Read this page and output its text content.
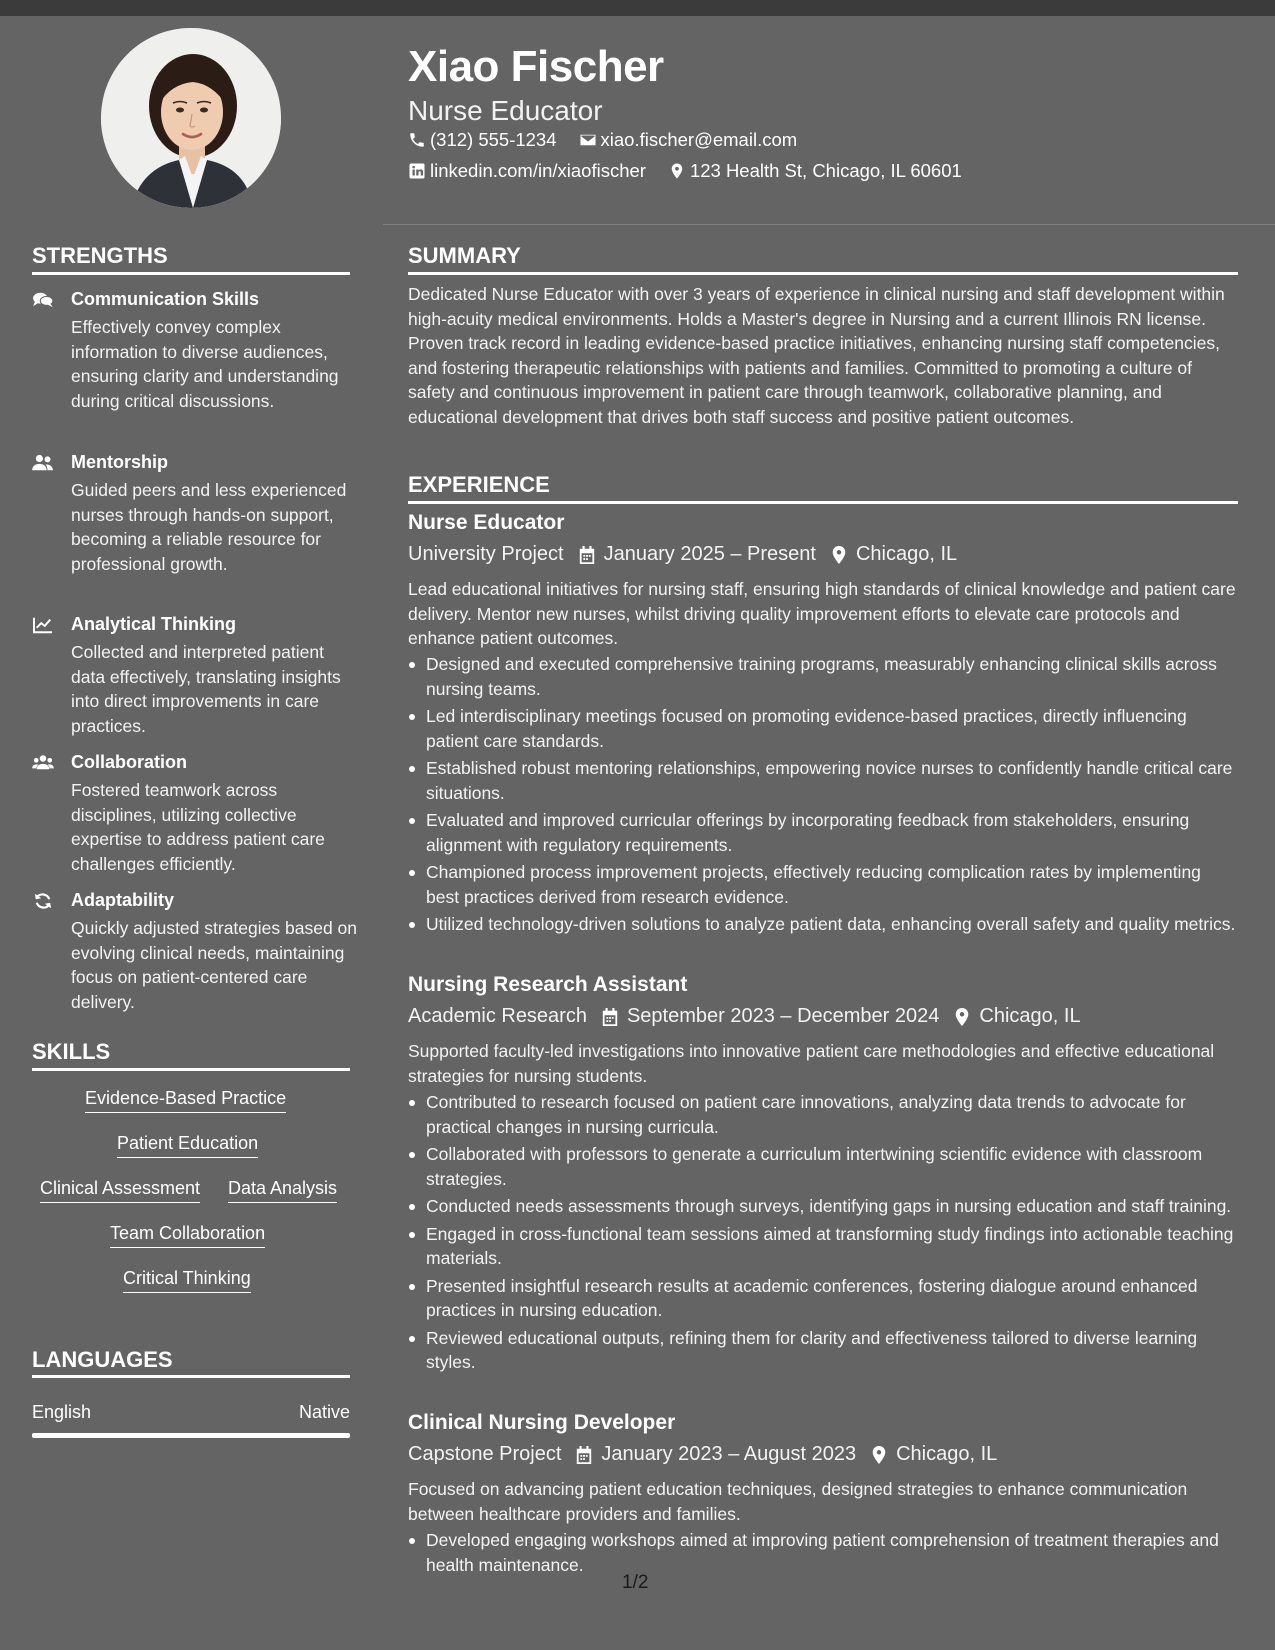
Xiao Fischer
Nurse Educator
(312) 555-1234 xiao.fischer@email.com
linkedin.com/in/xiaofischer 123 Health St, Chicago, IL 60601
STRENGTHS
Communication Skills
Effectively convey complex information to diverse audiences, ensuring clarity and understanding during critical discussions.
Mentorship
Guided peers and less experienced nurses through hands-on support, becoming a reliable resource for professional growth.
Analytical Thinking
Collected and interpreted patient data effectively, translating insights into direct improvements in care practices.
Collaboration
Fostered teamwork across disciplines, utilizing collective expertise to address patient care challenges efficiently.
Adaptability
Quickly adjusted strategies based on evolving clinical needs, maintaining focus on patient-centered care delivery.
SKILLS
Evidence-Based Practice
Patient Education
Clinical Assessment Data Analysis
Team Collaboration
Critical Thinking
LANGUAGES
English	Native
SUMMARY
Dedicated Nurse Educator with over 3 years of experience in clinical nursing and staff development within high-acuity medical environments. Holds a Master's degree in Nursing and a current Illinois RN license. Proven track record in leading evidence-based practice initiatives, enhancing nursing staff competencies, and fostering therapeutic relationships with patients and families. Committed to promoting a culture of safety and continuous improvement in patient care through teamwork, collaborative planning, and educational development that drives both staff success and positive patient outcomes.
EXPERIENCE
Nurse Educator
University Project January 2025 – Present Chicago, IL
Lead educational initiatives for nursing staff, ensuring high standards of clinical knowledge and patient care delivery. Mentor new nurses, whilst driving quality improvement efforts to elevate care protocols and enhance patient outcomes.
Designed and executed comprehensive training programs, measurably enhancing clinical skills across nursing teams.
Led interdisciplinary meetings focused on promoting evidence-based practices, directly influencing patient care standards.
Established robust mentoring relationships, empowering novice nurses to confidently handle critical care situations.
Evaluated and improved curricular offerings by incorporating feedback from stakeholders, ensuring alignment with regulatory requirements.
Championed process improvement projects, effectively reducing complication rates by implementing best practices derived from research evidence.
Utilized technology-driven solutions to analyze patient data, enhancing overall safety and quality metrics.
Nursing Research Assistant
Academic Research September 2023 – December 2024 Chicago, IL
Supported faculty-led investigations into innovative patient care methodologies and effective educational strategies for nursing students.
Contributed to research focused on patient care innovations, analyzing data trends to advocate for practical changes in nursing curricula.
Collaborated with professors to generate a curriculum intertwining scientific evidence with classroom strategies.
Conducted needs assessments through surveys, identifying gaps in nursing education and staff training.
Engaged in cross-functional team sessions aimed at transforming study findings into actionable teaching materials.
Presented insightful research results at academic conferences, fostering dialogue around enhanced practices in nursing education.
Reviewed educational outputs, refining them for clarity and effectiveness tailored to diverse learning styles.
Clinical Nursing Developer
Capstone Project January 2023 – August 2023 Chicago, IL
Focused on advancing patient education techniques, designed strategies to enhance communication between healthcare providers and families.
Developed engaging workshops aimed at improving patient comprehension of treatment therapies and health maintenance.
1/2
